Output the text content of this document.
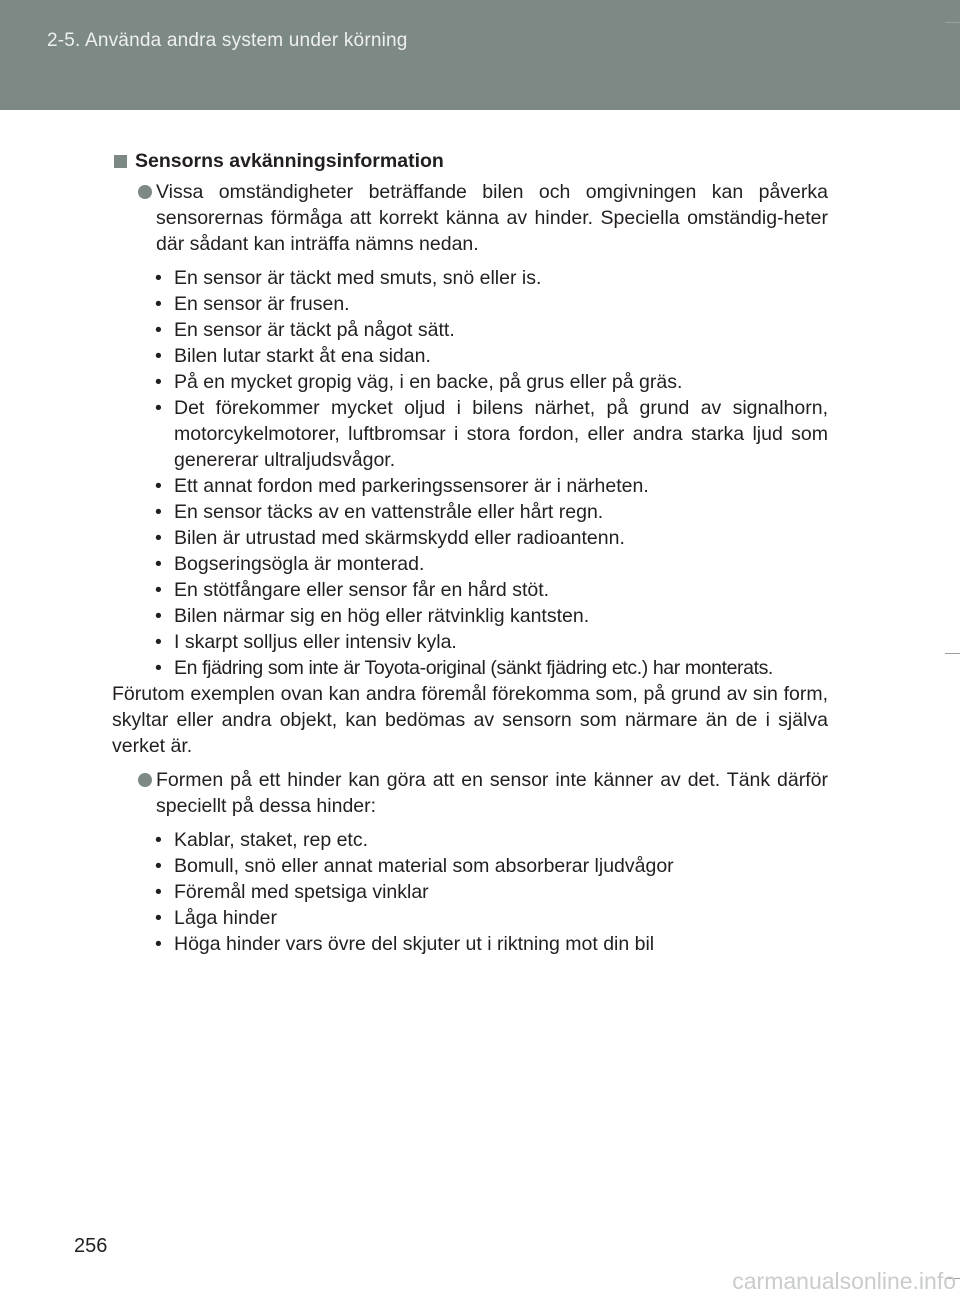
2-5. Använda andra system under körning
Sensorns avkänningsinformation
Vissa omständigheter beträffande bilen och omgivningen kan påverka sensorernas förmåga att korrekt känna av hinder. Speciella omständig-heter där sådant kan inträffa nämns nedan.
• En sensor är täckt med smuts, snö eller is.
• En sensor är frusen.
• En sensor är täckt på något sätt.
• Bilen lutar starkt åt ena sidan.
• På en mycket gropig väg, i en backe, på grus eller på gräs.
• Det förekommer mycket oljud i bilens närhet, på grund av signalhorn, motorcykelmotorer, luftbromsar i stora fordon, eller andra starka ljud som genererar ultraljudsvågor.
• Ett annat fordon med parkeringssensorer är i närheten.
• En sensor täcks av en vattenstråle eller hårt regn.
• Bilen är utrustad med skärmskydd eller radioantenn.
• Bogseringsögla är monterad.
• En stötfångare eller sensor får en hård stöt.
• Bilen närmar sig en hög eller rätvinklig kantsten.
• I skarpt solljus eller intensiv kyla.
• En fjädring som inte är Toyota-original (sänkt fjädring etc.) har monterats.
Förutom exemplen ovan kan andra föremål förekomma som, på grund av sin form, skyltar eller andra objekt, kan bedömas av sensorn som närmare än de i själva verket är.
Formen på ett hinder kan göra att en sensor inte känner av det. Tänk därför speciellt på dessa hinder:
• Kablar, staket, rep etc.
• Bomull, snö eller annat material som absorberar ljudvågor
• Föremål med spetsiga vinklar
• Låga hinder
• Höga hinder vars övre del skjuter ut i riktning mot din bil
256
carmanualsonline.info
